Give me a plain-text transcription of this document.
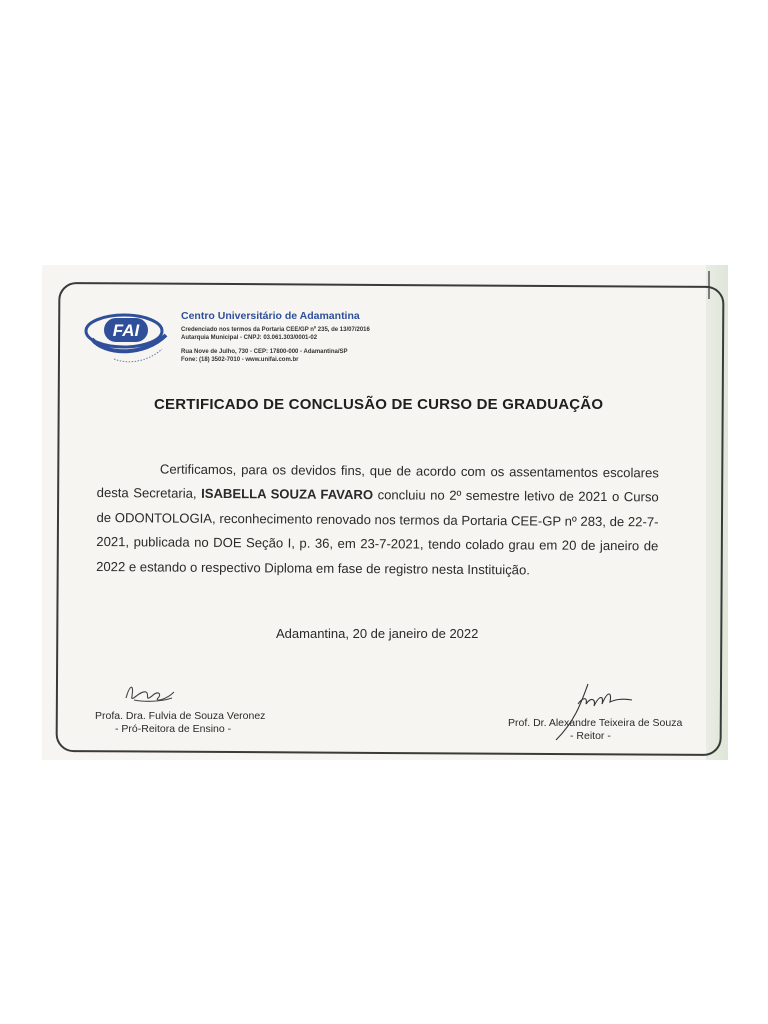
FAI
Centro Universitário de Adamantina
Credenciado nos termos da Portaria CEE/GP nº 235, de 13/07/2016
Autarquia Municipal - CNPJ: 03.061.303/0001-02
Rua Nove de Julho, 730 - CEP: 17800-000 - Adamantina/SP
Fone: (18) 3502-7010 - www.unifai.com.br
CERTIFICADO DE CONCLUSÃO DE CURSO DE GRADUAÇÃO

Certificamos, para os devidos fins, que de acordo com os assentamentos escolares desta Secretaria, ISABELLA SOUZA FAVARO concluiu no 2º semestre letivo de 2021 o Curso de ODONTOLOGIA, reconhecimento renovado nos termos da Portaria CEE-GP nº 283, de 22-7-2021, publicada no DOE Seção I, p. 36, em 23-7-2021, tendo colado grau em 20 de janeiro de 2022 e estando o respectivo Diploma em fase de registro nesta Instituição.

Adamantina, 20 de janeiro de 2022
Profa. Dra. Fulvia de Souza Veronez
- Pró-Reitora de Ensino -	Prof. Dr. Alexandre Teixeira de Souza
- Reitor -
